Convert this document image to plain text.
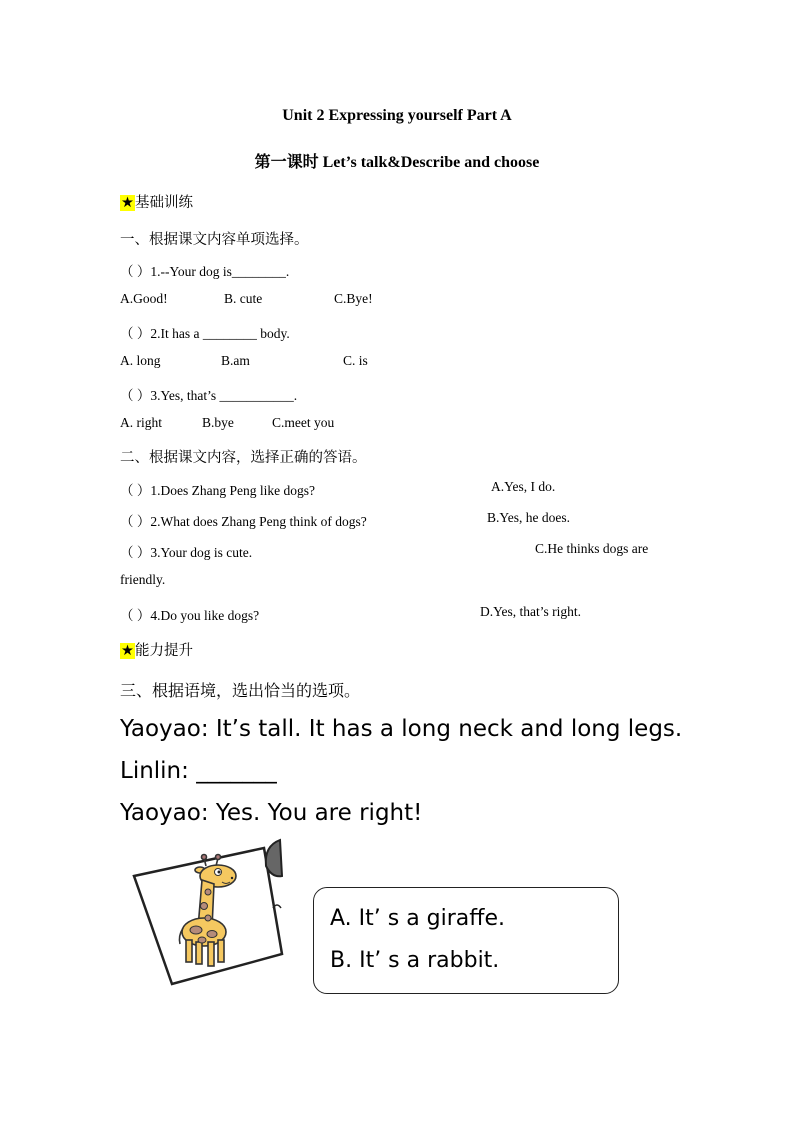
Unit 2 Expressing yourself Part A
第一课时 Let’s talk&Describe and choose
★基础训练
一、根据课文内容单项选择。
（ ）1.--Your dog is________.
A.Good!	B. cute	C.Bye!
（ ）2.It has a ________ body.
A. long	B.am	C. is
（ ）3.Yes, that’s ___________.
A. right	B.bye	C.meet you
二、根据课文内容，选择正确的答语。
（ ）1.Does Zhang Peng like dogs?	A.Yes, I do.
（ ）2.What does Zhang Peng think of dogs?	B.Yes, he does.
（ ）3.Your dog is cute.	C.He thinks dogs are
friendly.
（ ）4.Do you like dogs?	D.Yes, that’s right.
★能力提升
三、根据语境，选出恰当的选项。
Yaoyao: It’s tall. It has a long neck and long legs.
Linlin: _______
Yaoyao: Yes. You are right!
A. It’ s a giraffe.
B. It’ s a rabbit.
